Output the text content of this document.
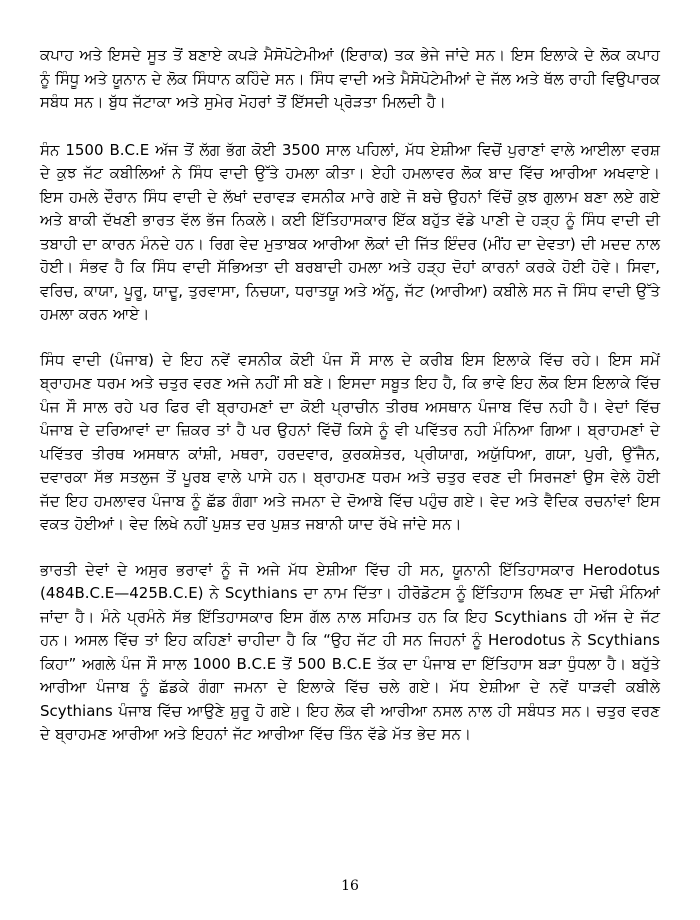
ਕਪਾਹ ਅਤੇ ਇਸਦੇ ਸੂਤ ਤੋਂ ਬਣਾਏ ਕਪੜੇ ਮੈਸੋਪੋਟੇਮੀਆਂ (ਇਰਾਕ) ਤਕ ਭੇਜੇ ਜਾਂਦੇ ਸਨ। ਇਸ ਇਲਾਕੇ ਦੇ ਲੋਕ ਕਪਾਹ ਨੂੰ ਸਿੰਧੂ ਅਤੇ ਯੂਨਾਨ ਦੇ ਲੋਕ ਸਿੰਧਾਨ ਕਹਿੰਦੇ ਸਨ। ਸਿੰਧ ਵਾਦੀ ਅਤੇ ਮੈਸੋਪੋਟੇਮੀਆਂ ਦੇ ਜੱਲ ਅਤੇ ਥੱਲ ਰਾਹੀ ਵਿਉਪਾਰਕ ਸਬੰਧ ਸਨ। ਬੁੱਧ ਜੱਟਾਕਾ ਅਤੇ ਸੁਮੇਰ ਮੋਹਰਾਂ ਤੋਂ ਇੱਸਦੀ ਪ੍ਰੋੜਤਾ ਮਿਲਦੀ ਹੈ।

ਸੰਨ 1500 B.C.E ਅੱਜ ਤੋਂ ਲੱਗ ਭੱਗ ਕੋਈ 3500 ਸਾਲ ਪਹਿਲਾਂ, ਮੱਧ ਏਸ਼ੀਆ ਵਿਚੋਂ ਪੁਰਾਣਾਂ ਵਾਲੇ ਆਈਲਾ ਵਰਸ਼ ਦੇ ਕੁਝ ਜੱਟ ਕਬੀਲਿਆਂ ਨੇ ਸਿੰਧ ਵਾਦੀ ਉੱਤੇ ਹਮਲਾ ਕੀਤਾ। ਏਹੀ ਹਮਲਾਵਰ ਲੋਕ ਬਾਦ ਵਿੱਚ ਆਰੀਆ ਅਖਵਾਏ। ਇਸ ਹਮਲੇ ਦੌਰਾਨ ਸਿੰਧ ਵਾਦੀ ਦੇ ਲੱਖਾਂ ਦਰਾਵੜ ਵਸਨੀਕ ਮਾਰੇ ਗਏ ਜੋ ਬਚੇ ਉਹਨਾਂ ਵਿੱਚੋਂ ਕੁਝ ਗੁਲਾਮ ਬਣਾ ਲਏ ਗਏ ਅਤੇ ਬਾਕੀ ਦੱਖਣੀ ਭਾਰਤ ਵੱਲ ਭੱਜ ਨਿਕਲੇ। ਕਈ ਇੱਤਿਹਾਸਕਾਰ ਇੱਕ ਬਹੁੱਤ ਵੱਡੇ ਪਾਣੀ ਦੇ ਹੜ੍ਹ ਨੂੰ ਸਿੰਧ ਵਾਦੀ ਦੀ ਤਬਾਹੀ ਦਾ ਕਾਰਨ ਮੰਨਦੇ ਹਨ। ਰਿਗ ਵੇਦ ਮੁਤਾਬਕ ਆਰੀਆ ਲੋਕਾਂ ਦੀ ਜਿੱਤ ਇੰਦਰ (ਮੀਂਹ ਦਾ ਦੇਵਤਾ) ਦੀ ਮਦਦ ਨਾਲ ਹੋਈ। ਸੰਭਵ ਹੈ ਕਿ ਸਿੰਧ ਵਾਦੀ ਸੱਭਿਅਤਾ ਦੀ ਬਰਬਾਦੀ ਹਮਲਾ ਅਤੇ ਹੜ੍ਹ ਦੋਹਾਂ ਕਾਰਨਾਂ ਕਰਕੇ ਹੋਈ ਹੋਵੇ। ਸਿਵਾ, ਵਰਿਚ, ਕਾਯਾ, ਪੂਰੂ, ਯਾਦੂ, ਤੁਰਵਾਸਾ, ਨਿਚਯਾ, ਧਰਾਤਯੂ ਅਤੇ ਅੱਨੂ, ਜੱਟ (ਆਰੀਆ) ਕਬੀਲੇ ਸਨ ਜੋ ਸਿੰਧ ਵਾਦੀ ਉੱਤੇ ਹਮਲਾ ਕਰਨ ਆਏ।

ਸਿੰਧ ਵਾਦੀ (ਪੰਜਾਬ) ਦੇ ਇਹ ਨਵੇਂ ਵਸਨੀਕ ਕੋਈ ਪੰਜ ਸੌ ਸਾਲ ਦੇ ਕਰੀਬ ਇਸ ਇਲਾਕੇ ਵਿੱਚ ਰਹੇ। ਇਸ ਸਮੇਂ ਬ੍ਰਾਹਮਣ ਧਰਮ ਅਤੇ ਚਤੁਰ ਵਰਣ ਅਜੇ ਨਹੀਂ ਸੀ ਬਣੇ। ਇਸਦਾ ਸਬੂਤ ਇਹ ਹੈ, ਕਿ ਭਾਵੇ ਇਹ ਲੋਕ ਇਸ ਇਲਾਕੇ ਵਿੱਚ ਪੰਜ ਸੌ ਸਾਲ ਰਹੇ ਪਰ ਫਿਰ ਵੀ ਬ੍ਰਾਹਮਣਾਂ ਦਾ ਕੋਈ ਪ੍ਰਾਚੀਨ ਤੀਰਥ ਅਸਥਾਨ ਪੰਜਾਬ ਵਿੱਚ ਨਹੀ ਹੈ। ਵੇਦਾਂ ਵਿੱਚ ਪੰਜਾਬ ਦੇ ਦਰਿਆਵਾਂ ਦਾ ਜ਼ਿਕਰ ਤਾਂ ਹੈ ਪਰ ਉਹਨਾਂ ਵਿੱਚੋਂ ਕਿਸੇ ਨੂੰ ਵੀ ਪਵਿੱਤਰ ਨਹੀ ਮੰਨਿਆ ਗਿਆ। ਬ੍ਰਾਹਮਣਾਂ ਦੇ ਪਵਿੱਤਰ ਤੀਰਥ ਅਸਥਾਨ ਕਾਂਸ਼ੀ, ਮਥਰਾ, ਹਰਦਵਾਰ, ਕੁਰਕਸ਼ੇਤਰ, ਪ੍ਰੀਯਾਗ, ਅਯੁੱਧਿਆ, ਗਯਾ, ਪੁਰੀ, ਉੱਜੈਨ, ਦਵਾਰਕਾ ਸੱਭ ਸਤਲੁਜ ਤੋਂ ਪੂਰਬ ਵਾਲੇ ਪਾਸੇ ਹਨ। ਬ੍ਰਾਹਮਣ ਧਰਮ ਅਤੇ ਚਤੁਰ ਵਰਣ ਦੀ ਸਿਰਜਣਾਂ ਉਸ ਵੇਲੇ ਹੋਈ ਜੱਦ ਇਹ ਹਮਲਾਵਰ ਪੰਜਾਬ ਨੂੰ ਛੱਡ ਗੰਗਾ ਅਤੇ ਜਮਨਾ ਦੇ ਦੋਆਬੇ ਵਿੱਚ ਪਹੁੰਚ ਗਏ। ਵੇਦ ਅਤੇ ਵੈਦਿਕ ਰਚਨਾਂਵਾਂ ਇਸ ਵਕਤ ਹੋਈਆਂ। ਵੇਦ ਲਿਖੇ ਨਹੀਂ ਪੁਸ਼ਤ ਦਰ ਪੁਸ਼ਤ ਜਬਾਨੀ ਯਾਦ ਰੱਖੇ ਜਾਂਦੇ ਸਨ।

ਭਾਰਤੀ ਦੇਵਾਂ ਦੇ ਅਸੁਰ ਭਰਾਵਾਂ ਨੂੰ ਜੋ ਅਜੇ ਮੱਧ ਏਸ਼ੀਆ ਵਿੱਚ ਹੀ ਸਨ, ਯੂਨਾਨੀ ਇੱਤਿਹਾਸਕਾਰ Herodotus (484B.C.E—425B.C.E) ਨੇ Scythians ਦਾ ਨਾਮ ਦਿੱਤਾ। ਹੀਰੋਡੋਟਸ ਨੂੰ ਇੱਤਿਹਾਸ ਲਿਖਣ ਦਾ ਮੋਢੀ ਮੰਨਿਆਂ ਜਾਂਦਾ ਹੈ। ਮੰਨੇ ਪ੍ਰਮੰਨੇ ਸੱਭ ਇੱਤਿਹਾਸਕਾਰ ਇਸ ਗੱਲ ਨਾਲ ਸਹਿਮਤ ਹਨ ਕਿ ਇਹ Scythians ਹੀ ਅੱਜ ਦੇ ਜੱਟ ਹਨ। ਅਸਲ ਵਿੱਚ ਤਾਂ ਇਹ ਕਹਿਣਾਂ ਚਾਹੀਦਾ ਹੈ ਕਿ “ਉਹ ਜੱਟ ਹੀ ਸਨ ਜਿਹਨਾਂ ਨੂੰ Herodotus ਨੇ Scythians ਕਿਹਾ” ਅਗਲੇ ਪੰਜ ਸੌ ਸਾਲ 1000 B.C.E ਤੋਂ 500 B.C.E ਤੱਕ ਦਾ ਪੰਜਾਬ ਦਾ ਇੱਤਿਹਾਸ ਬੜਾ ਧੁੰਧਲਾ ਹੈ। ਬਹੁੱਤੇ ਆਰੀਆ ਪੰਜਾਬ ਨੂੰ ਛੱਡਕੇ ਗੰਗਾ ਜਮਨਾ ਦੇ ਇਲਾਕੇ ਵਿੱਚ ਚਲੇ ਗਏ। ਮੱਧ ਏਸ਼ੀਆ ਦੇ ਨਵੇਂ ਧਾੜਵੀ ਕਬੀਲੇ Scythians ਪੰਜਾਬ ਵਿੱਚ ਆਉਣੇ ਸ਼ੁਰੂ ਹੋ ਗਏ। ਇਹ ਲੋਕ ਵੀ ਆਰੀਆ ਨਸਲ ਨਾਲ ਹੀ ਸਬੰਧਤ ਸਨ। ਚਤੁਰ ਵਰਣ ਦੇ ਬ੍ਰਾਹਮਣ ਆਰੀਆ ਅਤੇ ਇਹਨਾਂ ਜੱਟ ਆਰੀਆ ਵਿੱਚ ਤਿੰਨ ਵੱਡੇ ਮੱਤ ਭੇਦ ਸਨ।

16
